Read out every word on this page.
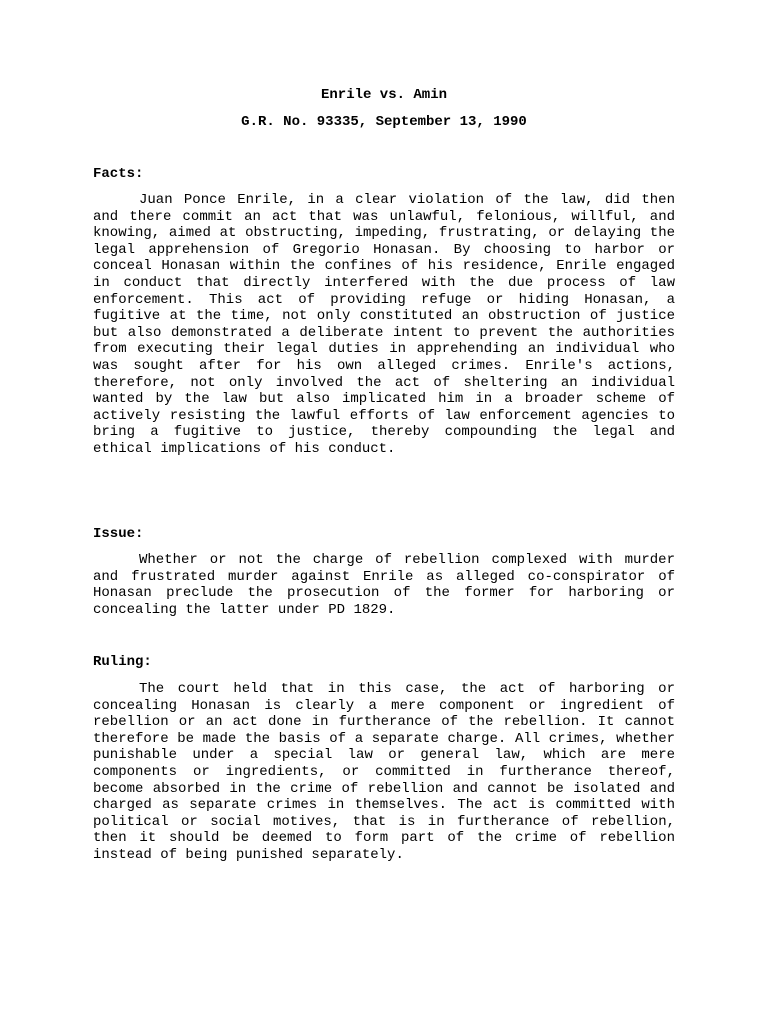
Enrile vs. Amin

G.R. No. 93335, September 13, 1990

Facts:

Juan Ponce Enrile, in a clear violation of the law, did then and there commit an act that was unlawful, felonious, willful, and knowing, aimed at obstructing, impeding, frustrating, or delaying the legal apprehension of Gregorio Honasan. By choosing to harbor or conceal Honasan within the confines of his residence, Enrile engaged in conduct that directly interfered with the due process of law enforcement. This act of providing refuge or hiding Honasan, a fugitive at the time, not only constituted an obstruction of justice but also demonstrated a deliberate intent to prevent the authorities from executing their legal duties in apprehending an individual who was sought after for his own alleged crimes. Enrile's actions, therefore, not only involved the act of sheltering an individual wanted by the law but also implicated him in a broader scheme of actively resisting the lawful efforts of law enforcement agencies to bring a fugitive to justice, thereby compounding the legal and ethical implications of his conduct.

Issue:

Whether or not the charge of rebellion complexed with murder and frustrated murder against Enrile as alleged co-conspirator of Honasan preclude the prosecution of the former for harboring or concealing the latter under PD 1829.

Ruling:

The court held that in this case, the act of harboring or concealing Honasan is clearly a mere component or ingredient of rebellion or an act done in furtherance of the rebellion. It cannot therefore be made the basis of a separate charge. All crimes, whether punishable under a special law or general law, which are mere components or ingredients, or committed in furtherance thereof, become absorbed in the crime of rebellion and cannot be isolated and charged as separate crimes in themselves. The act is committed with political or social motives, that is in furtherance of rebellion, then it should be deemed to form part of the crime of rebellion instead of being punished separately.
